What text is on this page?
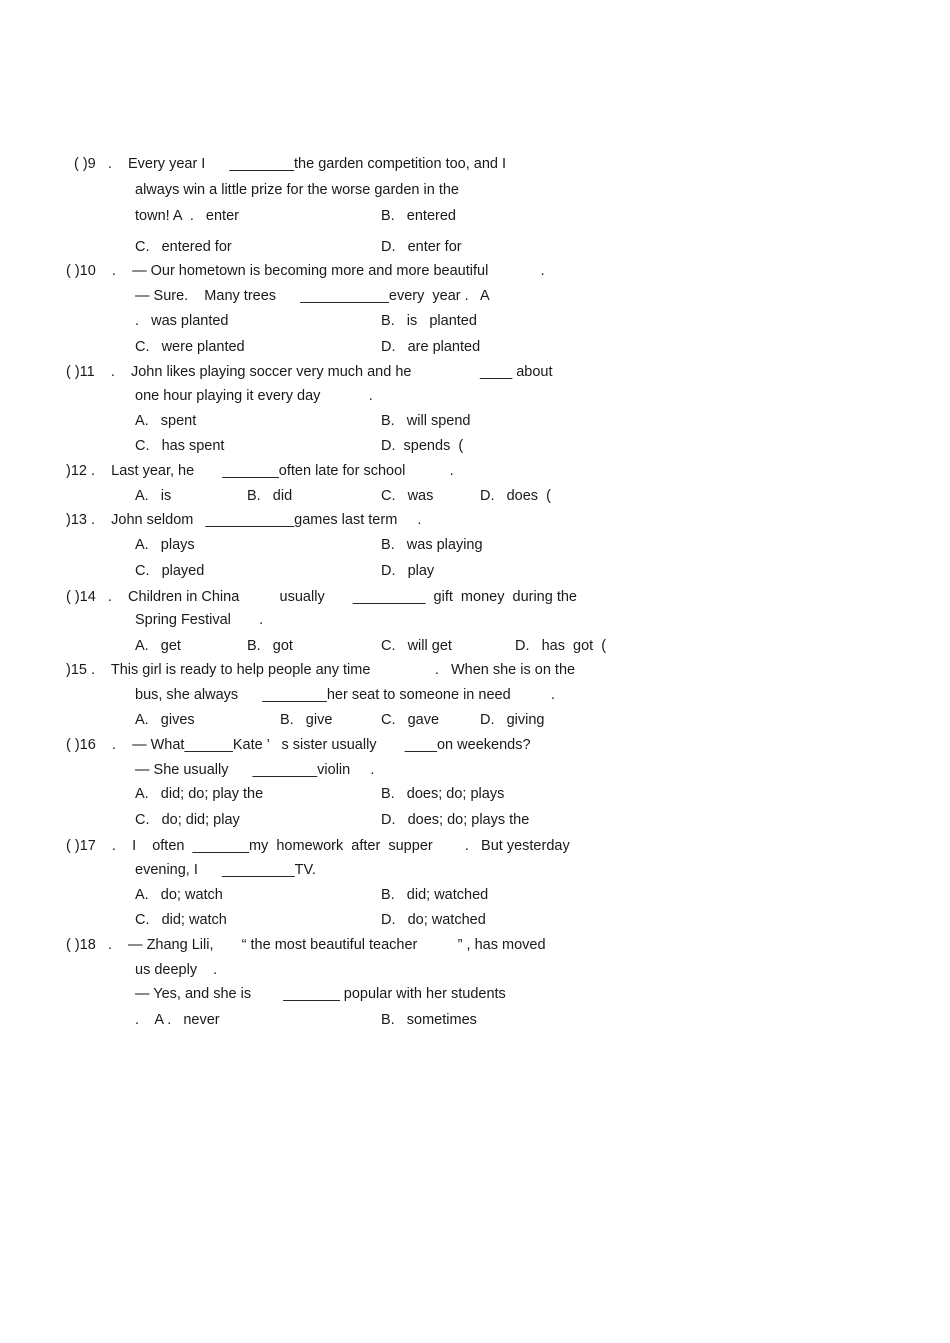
( )9   .    Every year I      ________the garden competition too, and I
always win a little prize for the worse garden in the
town! A  .   enter	B.   entered
C.   entered for	D.   enter for
( )10    .    — Our hometown is becoming more and more beautiful             .
— Sure.    Many trees      ___________every  year .   A
.   was planted	B.   is   planted
C.   were planted	D.   are planted
( )11    .    John likes playing soccer very much and he                 ____ about
one hour playing it every day            .
A.   spent	B.   will spend
C.   has spent	D.  spends  (
)12 .    Last year, he       _______often late for school           .
A.   is	B.   did	C.   was	D.   does  (
)13 .    John seldom   ___________games last term     .
A.   plays	B.   was playing
C.   played	D.   play
( )14   .    Children in China          usually       _________  gift  money  during the
Spring Festival       .
A.   get	B.   got	C.   will get	D.   has  got  (
)15 .    This girl is ready to help people any time                .   When she is on the
bus, she always      ________her seat to someone in need          .
A.   gives	B.   give	C.   gave	D.   giving
( )16    .    — What______Kate ’   s sister usually       ____on weekends?
— She usually      ________violin     .
A.   did; do; play the	B.   does; do; plays
C.   do; did; play	D.   does; do; plays the
( )17    .    I    often  _______my  homework  after  supper        .   But yesterday
evening, I      _________TV.
A.   do; watch	B.   did; watched
C.   did; watch	D.   do; watched
( )18   .    — Zhang Lili,       “ the most beautiful teacher          ” , has moved
us deeply    .
— Yes, and she is        _______ popular with her students
.    A .   never	B.   sometimes
